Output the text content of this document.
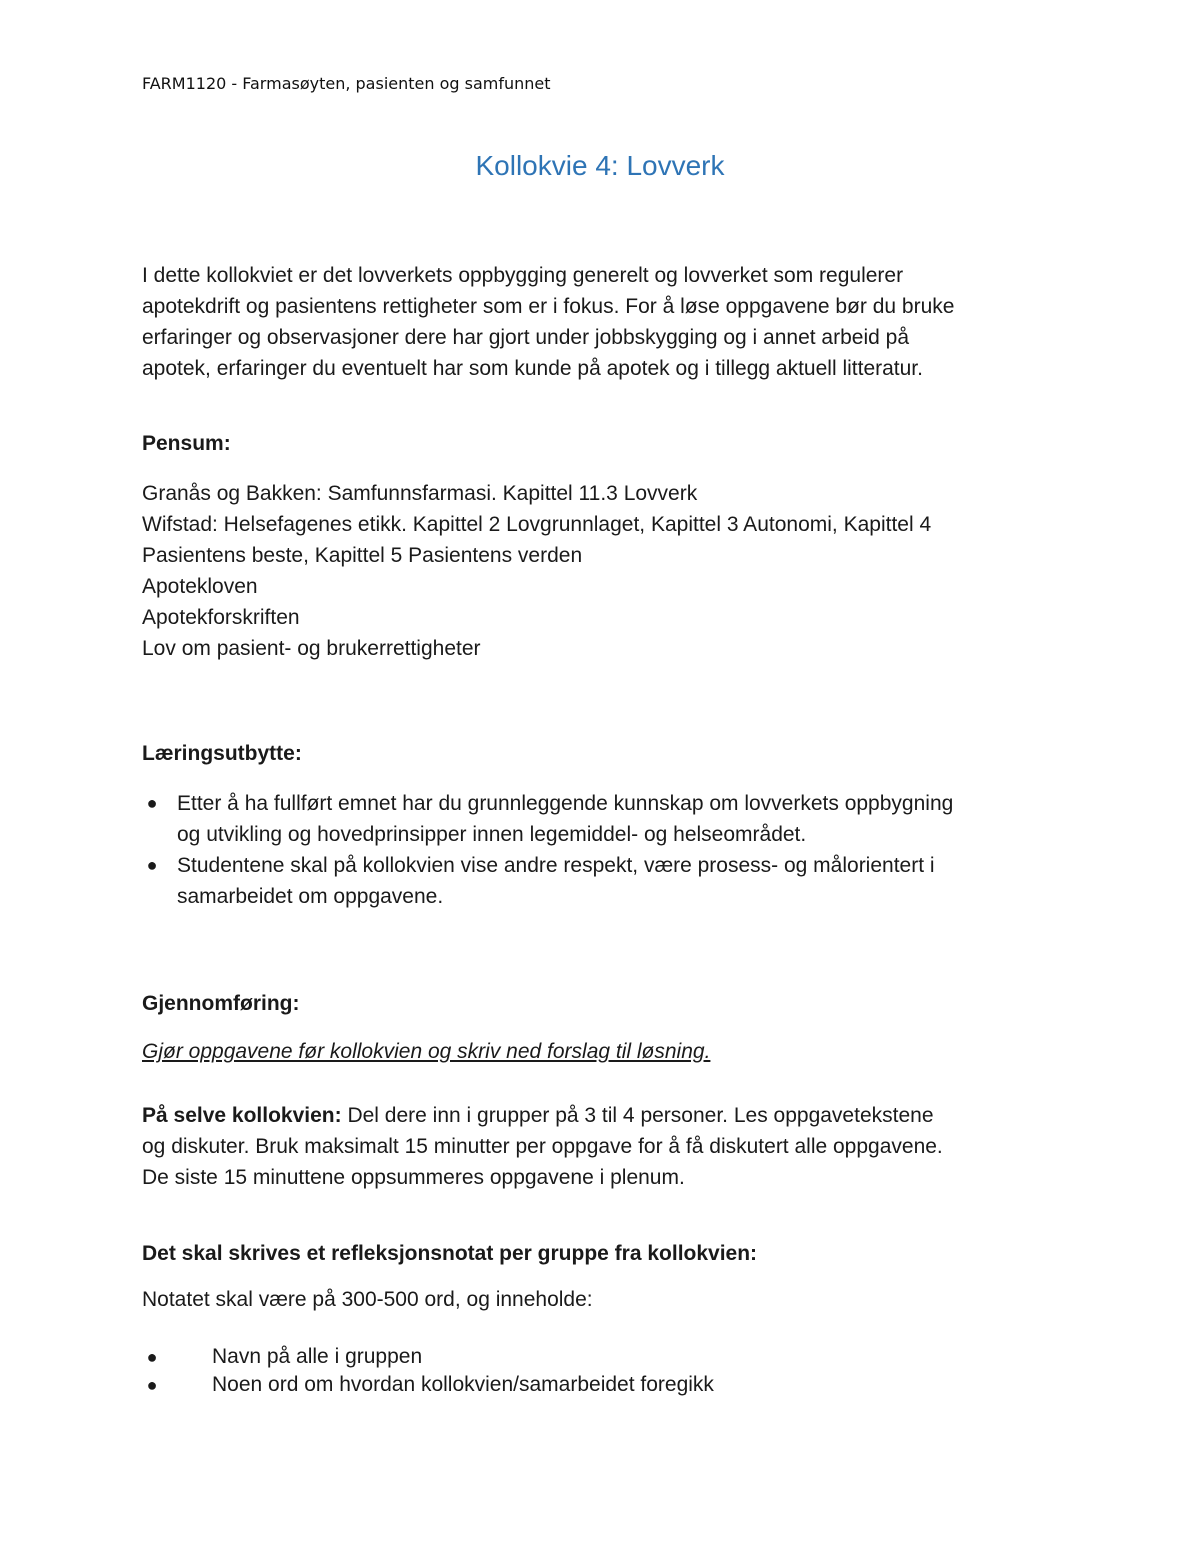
FARM1120 - Farmasøyten, pasienten og samfunnet
Kollokvie 4: Lovverk
I dette kollokviet er det lovverkets oppbygging generelt og lovverket som regulerer
apotekdrift og pasientens rettigheter som er i fokus. For å løse oppgavene bør du bruke
erfaringer og observasjoner dere har gjort under jobbskygging og i annet arbeid på
apotek, erfaringer du eventuelt har som kunde på apotek og i tillegg aktuell litteratur.
Pensum:
Granås og Bakken: Samfunnsfarmasi. Kapittel 11.3 Lovverk
Wifstad: Helsefagenes etikk. Kapittel 2 Lovgrunnlaget, Kapittel 3 Autonomi, Kapittel 4
Pasientens beste, Kapittel 5 Pasientens verden
Apotekloven
Apotekforskriften
Lov om pasient- og brukerrettigheter
Læringsutbytte:
● Etter å ha fullført emnet har du grunnleggende kunnskap om lovverkets oppbygning
og utvikling og hovedprinsipper innen legemiddel- og helseområdet.
● Studentene skal på kollokvien vise andre respekt, være prosess- og målorientert i
samarbeidet om oppgavene.
Gjennomføring:
Gjør oppgavene før kollokvien og skriv ned forslag til løsning.
På selve kollokvien: Del dere inn i grupper på 3 til 4 personer. Les oppgavetekstene
og diskuter. Bruk maksimalt 15 minutter per oppgave for å få diskutert alle oppgavene.
De siste 15 minuttene oppsummeres oppgavene i plenum.
Det skal skrives et refleksjonsnotat per gruppe fra kollokvien:
Notatet skal være på 300-500 ord, og inneholde:
●	Navn på alle i gruppen
●	Noen ord om hvordan kollokvien/samarbeidet foregikk
